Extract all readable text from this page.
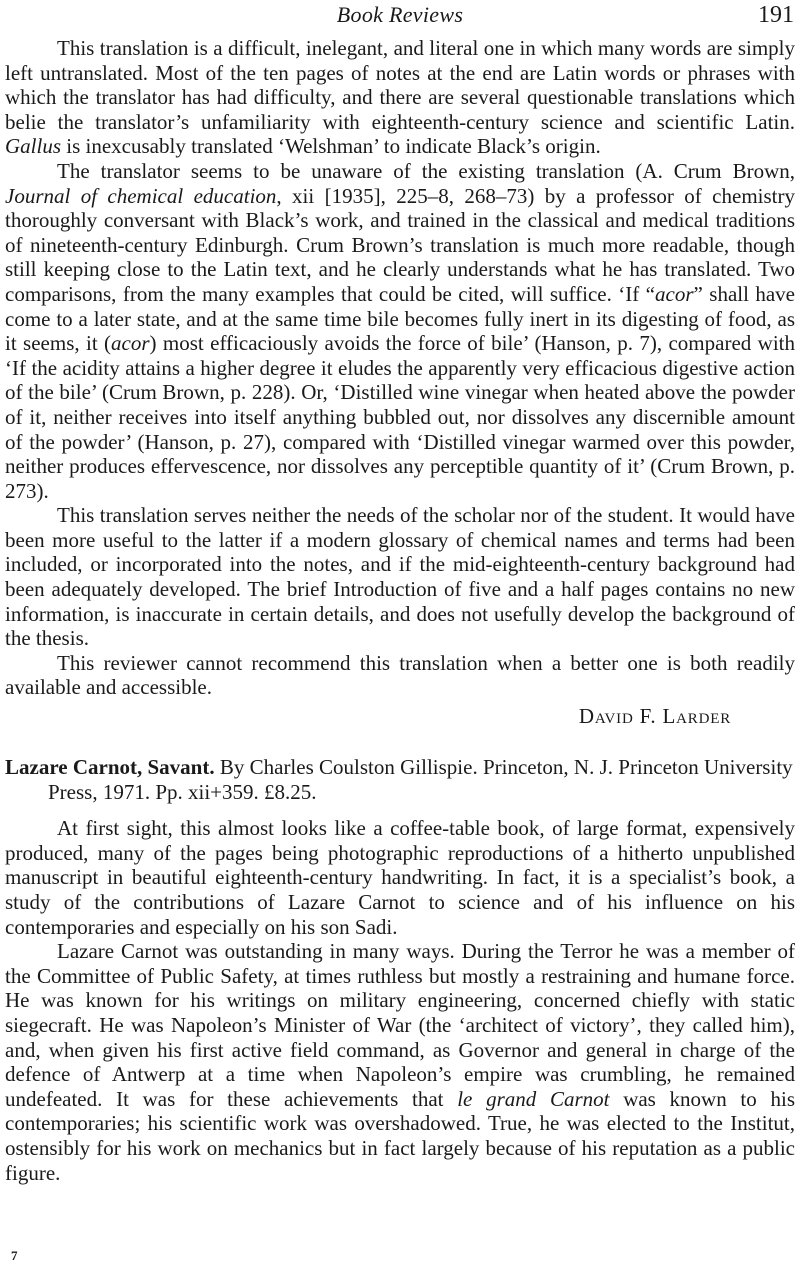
Book Reviews	191

This translation is a difficult, inelegant, and literal one in which many words are simply left untranslated. Most of the ten pages of notes at the end are Latin words or phrases with which the translator has had difficulty, and there are several questionable translations which belie the translator’s unfamiliarity with eighteenth-century science and scientific Latin. Gallus is inexcusably translated ‘Welshman’ to indicate Black’s origin.

The translator seems to be unaware of the existing translation (A. Crum Brown, Journal of chemical education, xii [1935], 225–8, 268–73) by a professor of chemistry thoroughly conversant with Black’s work, and trained in the classical and medical traditions of nineteenth-century Edinburgh. Crum Brown’s translation is much more readable, though still keeping close to the Latin text, and he clearly understands what he has translated. Two comparisons, from the many examples that could be cited, will suffice. ‘If “acor” shall have come to a later state, and at the same time bile becomes fully inert in its digesting of food, as it seems, it (acor) most efficaciously avoids the force of bile’ (Hanson, p. 7), compared with ‘If the acidity attains a higher degree it eludes the apparently very efficacious digestive action of the bile’ (Crum Brown, p. 228). Or, ‘Distilled wine vinegar when heated above the powder of it, neither receives into itself anything bubbled out, nor dissolves any discernible amount of the powder’ (Hanson, p. 27), compared with ‘Distilled vinegar warmed over this powder, neither produces effervescence, nor dissolves any perceptible quantity of it’ (Crum Brown, p. 273).

This translation serves neither the needs of the scholar nor of the student. It would have been more useful to the latter if a modern glossary of chemical names and terms had been included, or incorporated into the notes, and if the mid-eighteenth-century background had been adequately developed. The brief Introduction of five and a half pages contains no new information, is inaccurate in certain details, and does not usefully develop the background of the thesis.

This reviewer cannot recommend this translation when a better one is both readily available and accessible.

David F. Larder
Lazare Carnot, Savant. By Charles Coulston Gillispie. Princeton, N. J. Princeton University Press, 1971. Pp. xii+359. £8.25.

At first sight, this almost looks like a coffee-table book, of large format, expensively produced, many of the pages being photographic reproductions of a hitherto unpublished manuscript in beautiful eighteenth-century handwriting. In fact, it is a specialist’s book, a study of the contributions of Lazare Carnot to science and of his influence on his contemporaries and especially on his son Sadi.

Lazare Carnot was outstanding in many ways. During the Terror he was a member of the Committee of Public Safety, at times ruthless but mostly a restraining and humane force. He was known for his writings on military engineering, concerned chiefly with static siegecraft. He was Napoleon’s Minister of War (the ‘architect of victory’, they called him), and, when given his first active field command, as Governor and general in charge of the defence of Antwerp at a time when Napoleon’s empire was crumbling, he remained undefeated. It was for these achievements that le grand Carnot was known to his contemporaries; his scientific work was overshadowed. True, he was elected to the Institut, ostensibly for his work on mechanics but in fact largely because of his reputation as a public figure.

7
